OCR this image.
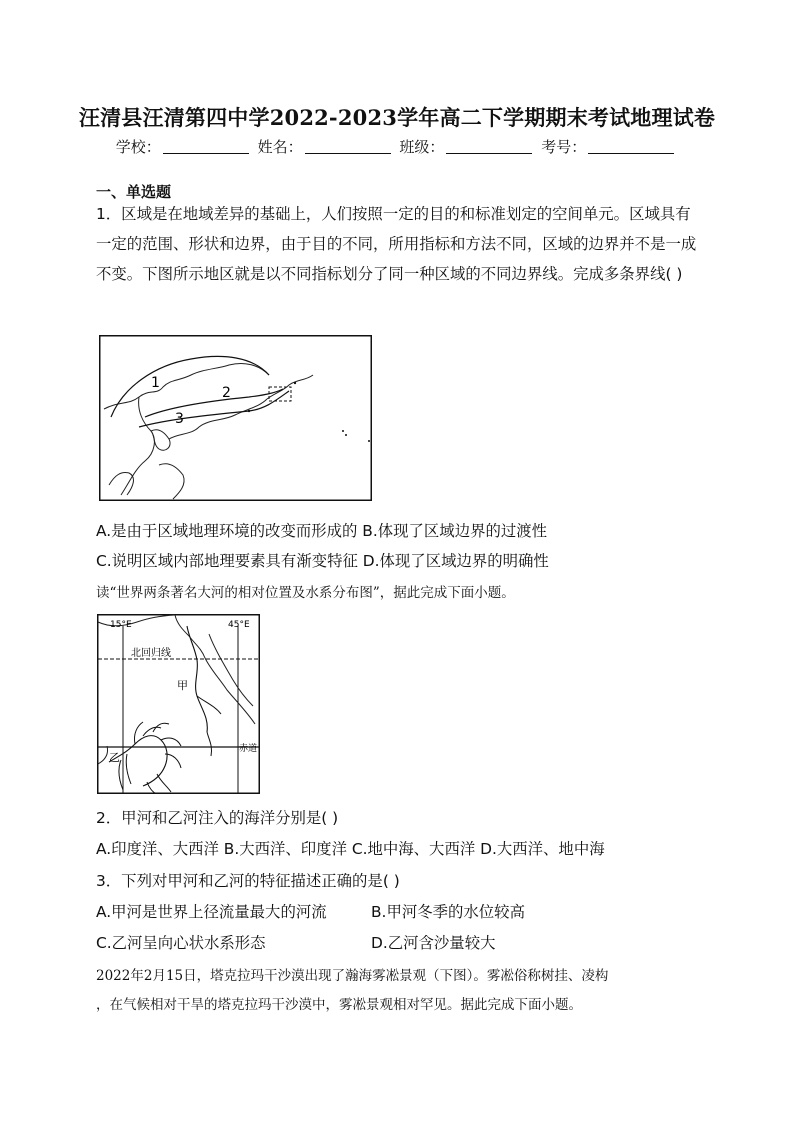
汪清县汪清第四中学2022-2023学年高二下学期期末考试地理试卷
学校：	姓名：	班级：	考号：
一、单选题
1．区域是在地域差异的基础上，人们按照一定的目的和标准划定的空间单元。区域具有一定的范围、形状和边界，由于目的不同，所用指标和方法不同，区域的边界并不是一成不变。下图所示地区就是以不同指标划分了同一种区域的不同边界线。完成多条界线( )
1
2
3
A.是由于区域地理环境的改变而形成的 B.体现了区域边界的过渡性
C.说明区域内部地理要素具有渐变特征 D.体现了区域边界的明确性
读“世界两条著名大河的相对位置及水系分布图”，据此完成下面小题。
15°E	45°E
北回归线
甲
乙
赤道
2．甲河和乙河注入的海洋分别是( )
A.印度洋、大西洋 B.大西洋、印度洋 C.地中海、大西洋 D.大西洋、地中海
3．下列对甲河和乙河的特征描述正确的是( )
A.甲河是世界上径流量最大的河流	B.甲河冬季的水位较高
C.乙河呈向心状水系形态	D.乙河含沙量较大
2022年2月15日，塔克拉玛干沙漠出现了瀚海雾凇景观（下图）。雾凇俗称树挂、凌构
，在气候相对干旱的塔克拉玛干沙漠中，雾凇景观相对罕见。据此完成下面小题。
